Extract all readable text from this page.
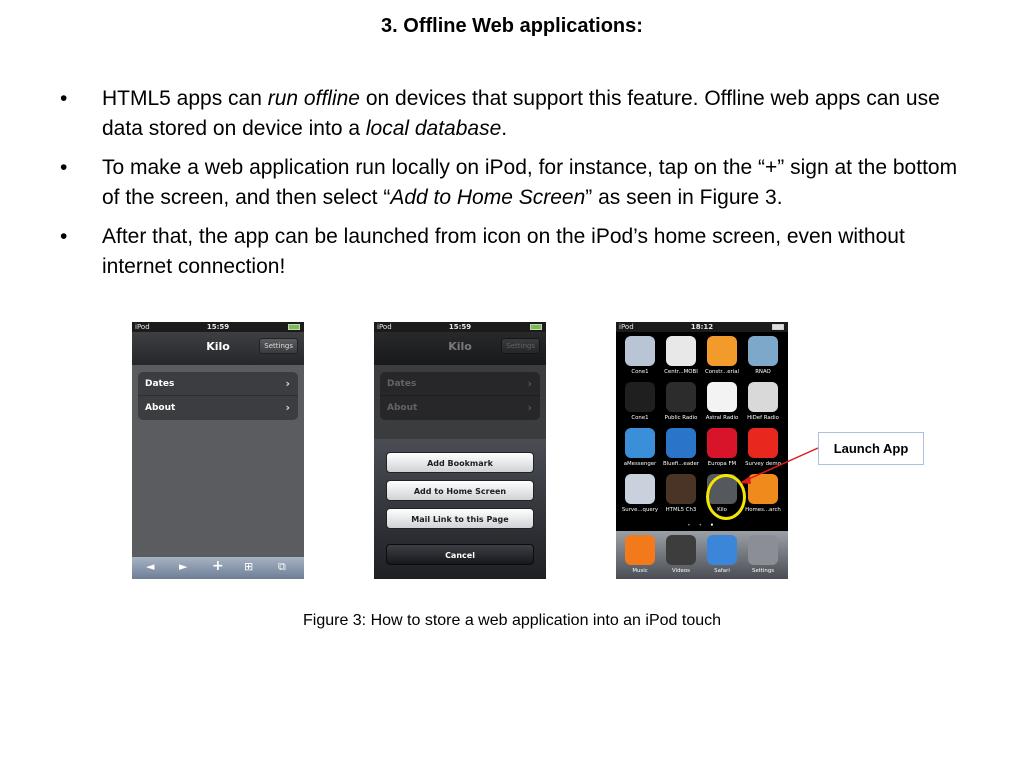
3. Offline Web applications:
• HTML5 apps can run offline on devices that support this feature. Offline web apps can use data stored on device into a local database.
• To make a web application run locally on iPod, for instance, tap on the “+” sign at the bottom of the screen, and then select “Add to Home Screen” as seen in Figure 3.
• After that, the app can be launched from icon on the iPod’s home screen, even without internet connection!
iPod	15:59
Kilo	Settings
Dates	›
About	›
◄ ► + ⊞ ⧉
iPod	15:59
Kilo	Settings
Dates	›
About	›
Add Bookmark
Add to Home Screen
Mail Link to this Page
Cancel
iPod	18:12
Cone1	Centr...MOBI	Constr...erial	RNAO
Cone1	Public Radio	Astral Radio	HiDef Radio
aMessenger	Bluefi...eader	Europa FM	Survey demo
Surve...query	HTML5 Ch3	Kilo	Homes...arch
• • •
Music	Videos	Safari	Settings
Launch App
Figure 3: How to store a web application into an iPod touch
